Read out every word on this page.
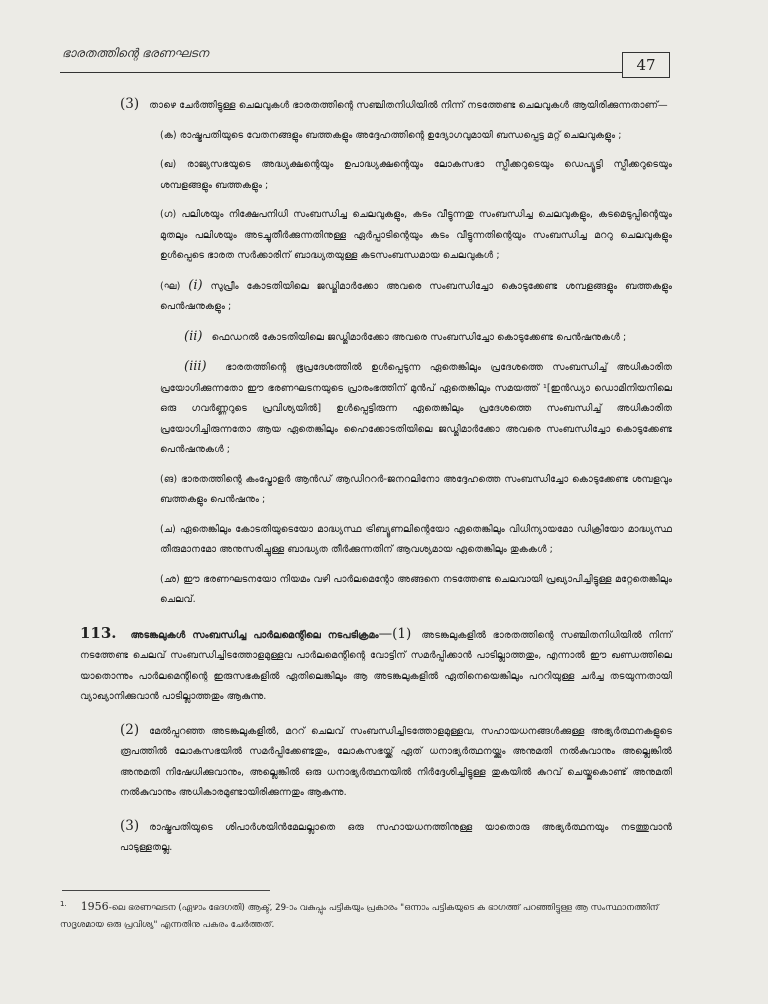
ഭാരതത്തിന്റെ ഭരണഘടന
47

(3) താഴെ ചേർത്തിട്ടുള്ള ചെലവുകൾ ഭാരതത്തിന്റെ സഞ്ചിതനിധിയിൽ നിന്ന് നടത്തേണ്ട ചെലവുകൾ ആയിരിക്കുന്നതാണ്—

(ക) രാഷ്ട്രപതിയുടെ വേതനങ്ങളും ബത്തകളും അദ്ദേഹത്തിന്റെ ഉദ്യോഗവുമായി ബന്ധപ്പെട്ട മറ്റ് ചെലവുകളും ;

(ഖ) രാജ്യസഭയുടെ അദ്ധ്യക്ഷന്റെയും ഉപാദ്ധ്യക്ഷന്റെയും ലോകസഭാ സ്പീക്കറുടെയും ഡെപ്യൂട്ടി സ്പീക്കറുടെയും ശമ്പളങ്ങളും ബത്തകളും ;

(ഗ) പലിശയും നിക്ഷേപനിധി സംബന്ധിച്ച ചെലവുകളും, കടം വീട്ടുന്നതു സംബന്ധിച്ച ചെലവുകളും, കടമെടുപ്പിന്റെയും മുതലും പലിശയും അടച്ചുതീർക്കുന്നതിനുള്ള ഏർപ്പാടിന്റെയും കടം വീട്ടുന്നതിന്റെയും സംബന്ധിച്ച മററു ചെലവുകളും ഉൾപ്പെടെ ഭാരത സർക്കാരിന് ബാദ്ധ്യതയുള്ള കടസംബന്ധമായ ചെലവുകൾ ;

(ഘ) (i) സുപ്രീം കോടതിയിലെ ജഡ്ജിമാർക്കോ അവരെ സംബന്ധിച്ചോ കൊടുക്കേണ്ട ശമ്പളങ്ങളും ബത്തകളും പെൻഷനുകളും ;

(ii) ഫെഡറൽ കോടതിയിലെ ജഡ്ജിമാർക്കോ അവരെ സംബന്ധിച്ചോ കൊടുക്കേണ്ട പെൻഷനുകൾ ;

(iii) ഭാരതത്തിന്റെ ഭൂപ്രദേശത്തിൽ ഉൾപ്പെടുന്ന ഏതെങ്കിലും പ്രദേശത്തെ സംബന്ധിച്ച് അധികാരിത പ്രയോഗിക്കുന്നതോ ഈ ഭരണഘടനയുടെ പ്രാരംഭത്തിന് മുൻപ് ഏതെങ്കിലും സമയത്ത് ¹[ഇൻഡ്യാ ഡൊമിനിയനിലെ ഒരു ഗവർണ്ണറുടെ പ്രവിശ്യയിൽ] ഉൾപ്പെട്ടിരുന്ന ഏതെങ്കിലും പ്രദേശത്തെ സംബന്ധിച്ച് അധികാരിത പ്രയോഗിച്ചിരുന്നതോ ആയ ഏതെങ്കിലും ഹൈക്കോടതിയിലെ ജഡ്ജിമാർക്കോ അവരെ സംബന്ധിച്ചോ കൊടുക്കേണ്ട പെൻഷനുകൾ ;

(ങ) ഭാരതത്തിന്റെ കംപ്ട്രോളർ ആൻഡ് ആഡിററർ-ജനറലിനോ അദ്ദേഹത്തെ സംബന്ധിച്ചോ കൊടുക്കേണ്ട ശമ്പളവും ബത്തകളും പെൻഷനും ;

(ച) ഏതെങ്കിലും കോടതിയുടെയോ മാദ്ധ്യസ്ഥ ട്രിബ്യൂണലിന്റെയോ ഏതെങ്കിലും വിധിന്യായമോ ഡിക്രിയോ മാദ്ധ്യസ്ഥ തീരുമാനമോ അനുസരിച്ചുള്ള ബാദ്ധ്യത തീർക്കുന്നതിന് ആവശ്യമായ ഏതെങ്കിലും തുകകൾ ;

(ഛ) ഈ ഭരണഘടനയോ നിയമം വഴി പാർലമെന്റോ അങ്ങനെ നടത്തേണ്ട ചെലവായി പ്രഖ്യാപിച്ചിട്ടുള്ള മറ്റേതെങ്കിലും ചെലവ്.

113. അടങ്കലുകൾ സംബന്ധിച്ച പാർലമെന്റിലെ നടപടിക്രമം—(1) അടങ്കലുകളിൽ ഭാരതത്തിന്റെ സഞ്ചിതനിധിയിൽ നിന്ന് നടത്തേണ്ട ചെലവ് സംബന്ധിച്ചിടത്തോളമുള്ളവ പാർലമെന്റിന്റെ വോട്ടിന് സമർപ്പിക്കാൻ പാടില്ലാത്തതും, എന്നാൽ ഈ ഖണ്ഡത്തിലെ യാതൊന്നും പാർലമെന്റിന്റെ ഇരുസഭകളിൽ ഏതിലെങ്കിലും ആ അടങ്കലുകളിൽ ഏതിനെയെങ്കിലും പററിയുള്ള ചർച്ച തടയുന്നതായി വ്യാഖ്യാനിക്കുവാൻ പാടില്ലാത്തതും ആകുന്നു.

(2) മേൽപ്പറഞ്ഞ അടങ്കലുകളിൽ, മററ് ചെലവ് സംബന്ധിച്ചിടത്തോളമുള്ളവ, സഹായധനങ്ങൾക്കുള്ള അഭ്യർത്ഥനകളുടെ രൂപത്തിൽ ലോകസഭയിൽ സമർപ്പിക്കേണ്ടതും, ലോകസഭയ്ക്ക് ഏത് ധനാഭ്യർത്ഥനയ്ക്കും അനുമതി നൽകുവാനും അല്ലെങ്കിൽ അനുമതി നിഷേധിക്കുവാനും, അല്ലെങ്കിൽ ഒരു ധനാഭ്യർത്ഥനയിൽ നിർദ്ദേശിച്ചിട്ടുള്ള തുകയിൽ കുറവ് ചെയ്തുകൊണ്ട് അനുമതി നൽകുവാനും അധികാരമുണ്ടായിരിക്കുന്നതും ആകുന്നു.

(3) രാഷ്ട്രപതിയുടെ ശിപാർശയിൻമേലല്ലാതെ ഒരു സഹായധനത്തിനുള്ള യാതൊരു അഭ്യർത്ഥനയും നടത്തുവാൻ പാടുള്ളതല്ല.

$^{1.}$ 1956-ലെ ഭരണഘടന (ഏഴാം ഭേദഗതി) ആക്ട്, 29-ാം വകുപ്പും പട്ടികയും പ്രകാരം "ഒന്നാം പട്ടികയുടെ ക ഭാഗത്ത് പറഞ്ഞിട്ടുള്ള ആ സംസ്ഥാനത്തിന് സദൃശമായ ഒരു പ്രവിശ്യ" എന്നതിനു പകരം ചേർത്തത്.
